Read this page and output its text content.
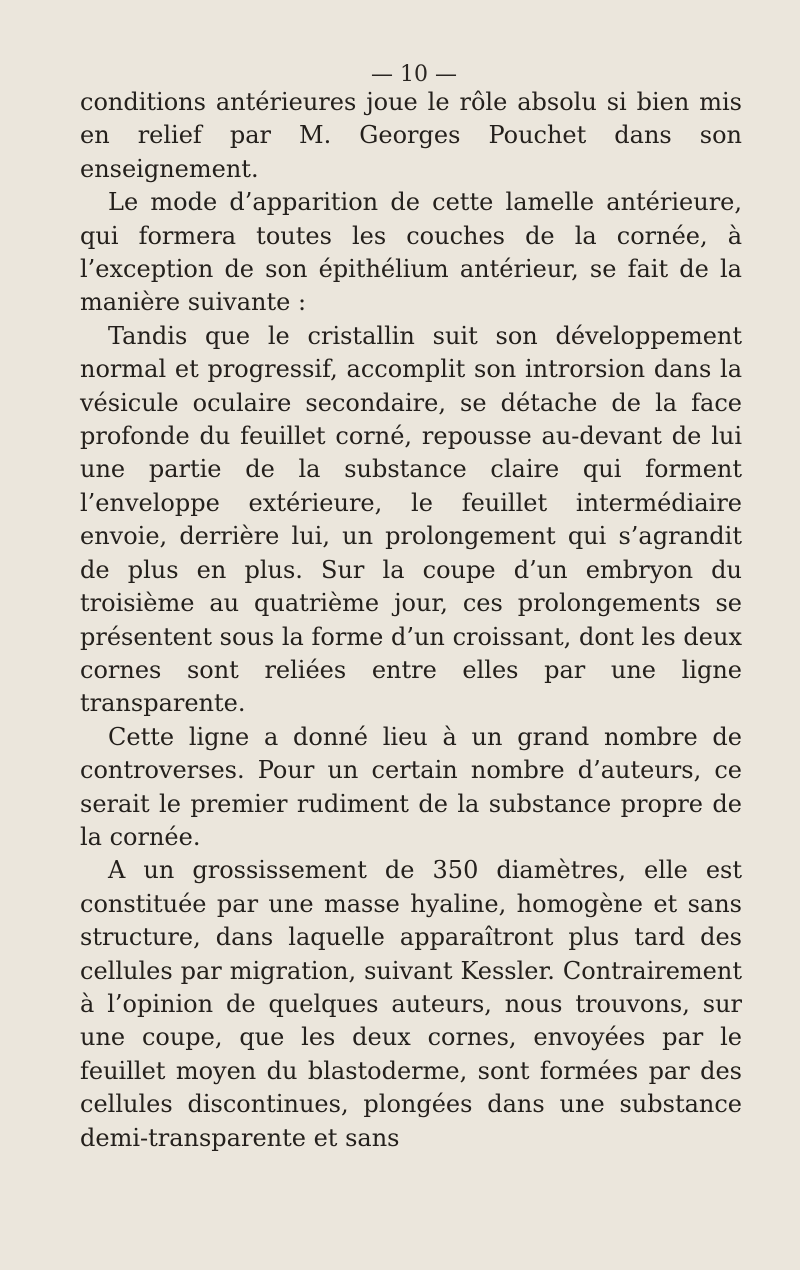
— 10 —

conditions antérieures joue le rôle absolu si bien mis en relief par M. Georges Pouchet dans son enseignement.

Le mode d’apparition de cette lamelle antérieure, qui formera toutes les couches de la cornée, à l’exception de son épithélium antérieur, se fait de la manière suivante :

Tandis que le cristallin suit son développement normal et progressif, accomplit son introrsion dans la vésicule oculaire secondaire, se détache de la face profonde du feuillet corné, repousse au-devant de lui une partie de la substance claire qui forment l’enveloppe extérieure, le feuillet intermédiaire envoie, derrière lui, un prolongement qui s’agrandit de plus en plus. Sur la coupe d’un embryon du troisième au quatrième jour, ces prolongements se présentent sous la forme d’un croissant, dont les deux cornes sont reliées entre elles par une ligne transparente.

Cette ligne a donné lieu à un grand nombre de controverses. Pour un certain nombre d’auteurs, ce serait le premier rudiment de la substance propre de la cornée.

A un grossissement de 350 diamètres, elle est constituée par une masse hyaline, homogène et sans structure, dans laquelle apparaîtront plus tard des cellules par migration, suivant Kessler. Contrairement à l’opinion de quelques auteurs, nous trouvons, sur une coupe, que les deux cornes, envoyées par le feuillet moyen du blastoderme, sont formées par des cellules discontinues, plongées dans une substance demi-transparente et sans
